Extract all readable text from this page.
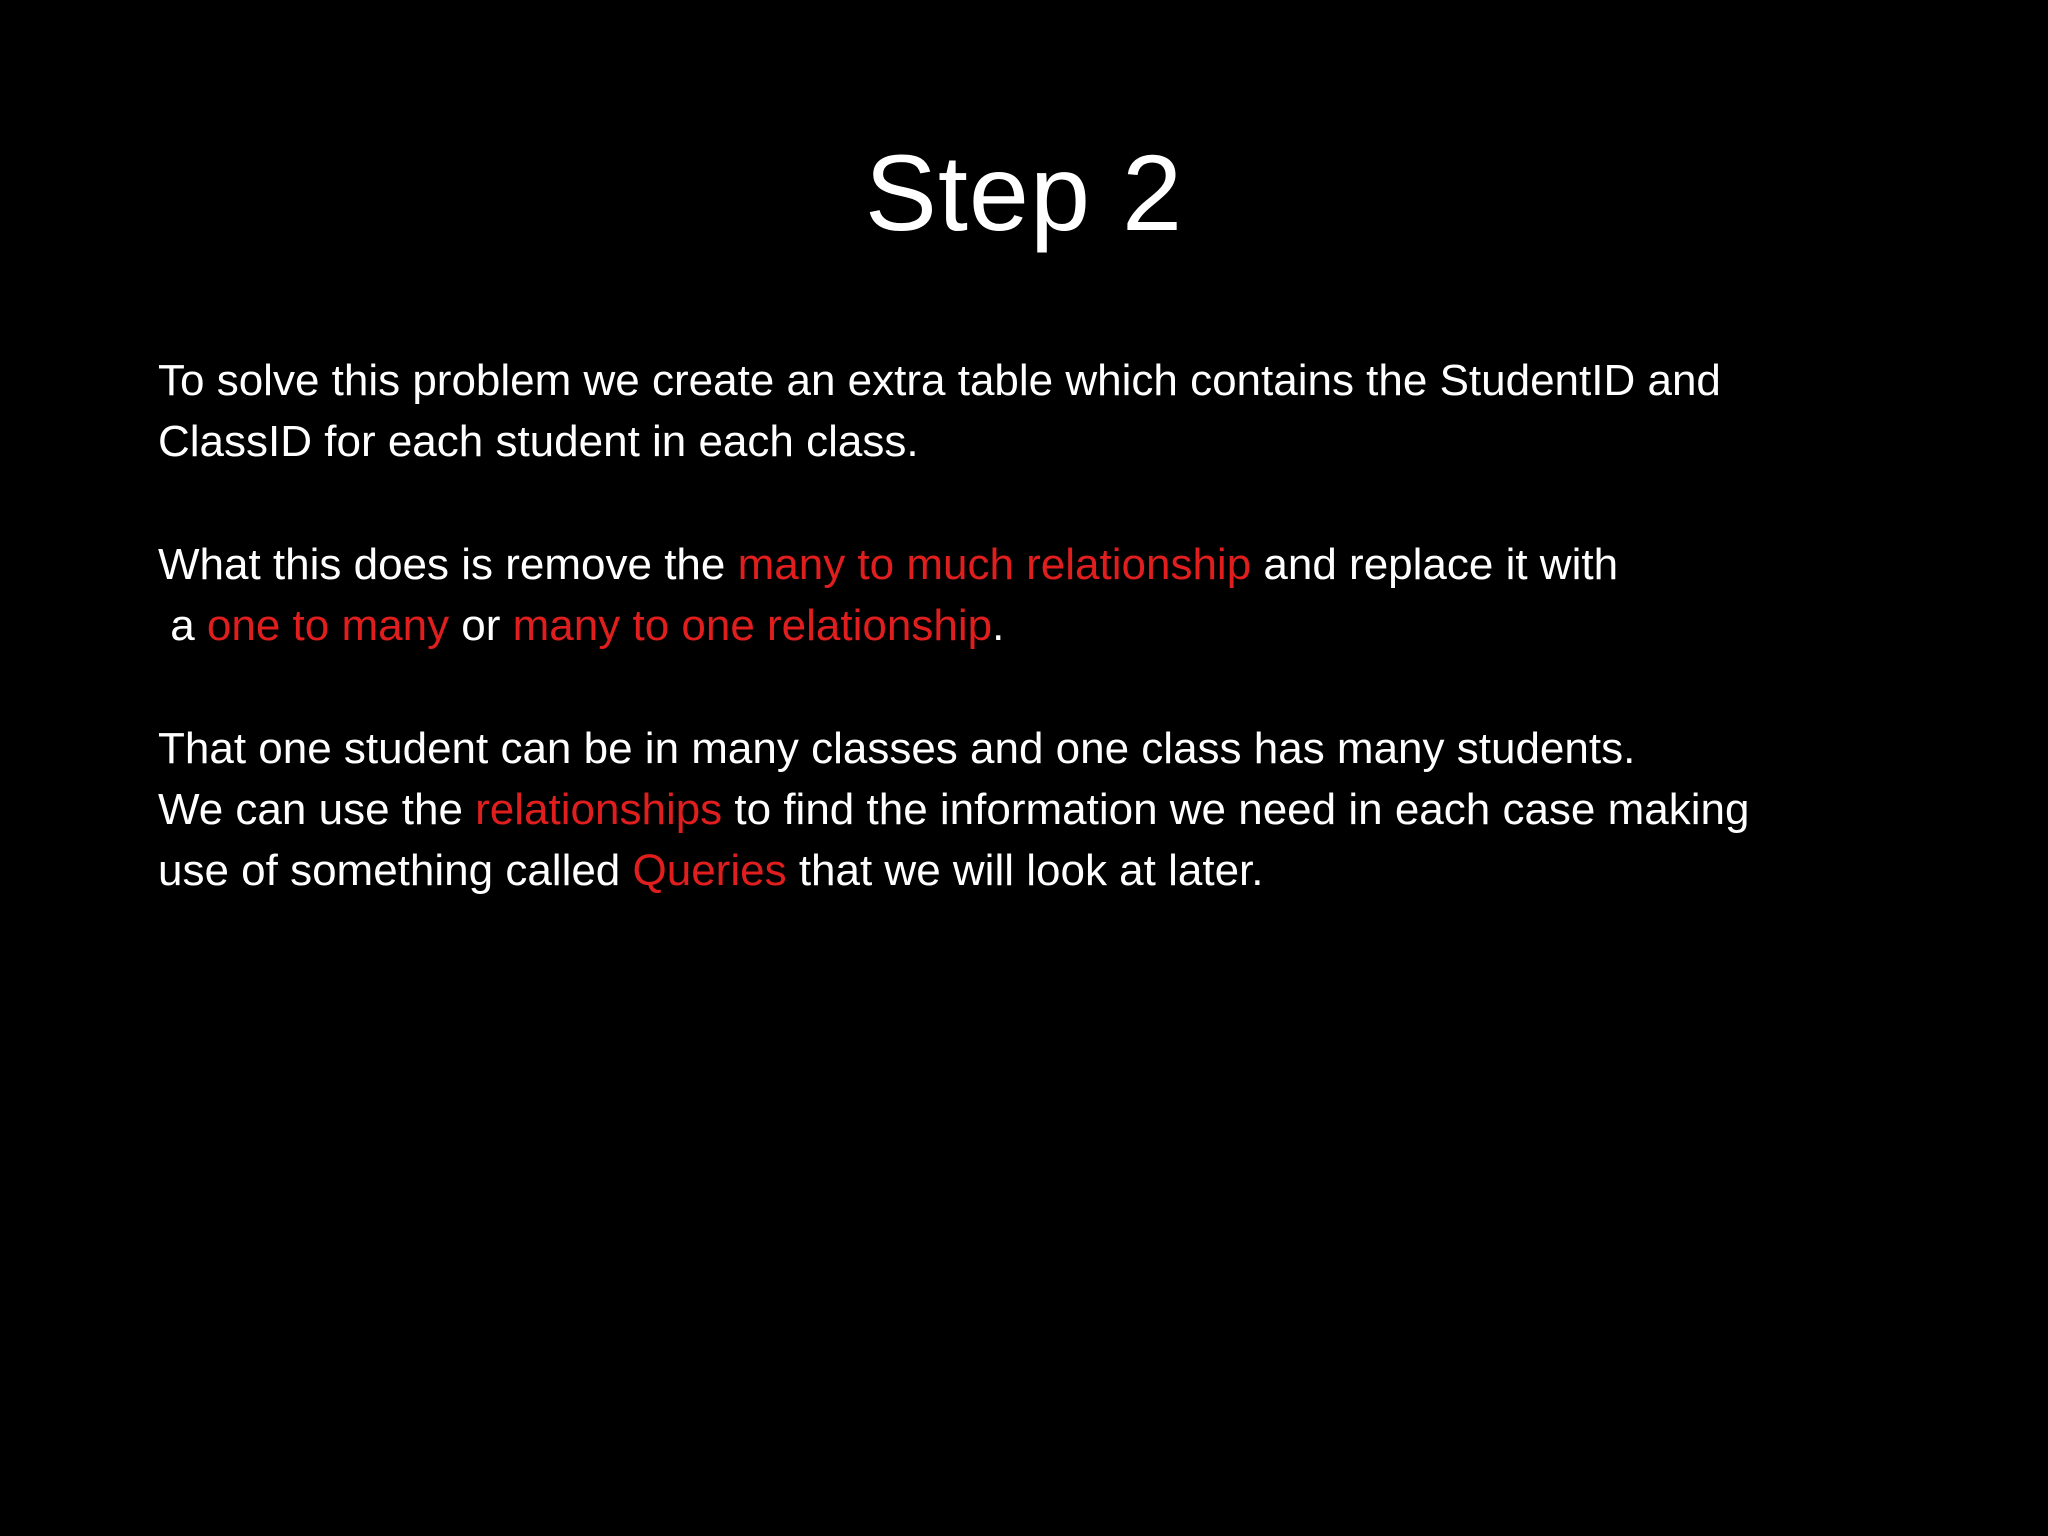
Step 2

To solve this problem we create an extra table which contains the StudentID and
ClassID for each student in each class.

What this does is remove the many to much relationship and replace it with
a one to many or many to one relationship.

That one student can be in many classes and one class has many students.
We can use the relationships to find the information we need in each case making
use of something called Queries that we will look at later.
